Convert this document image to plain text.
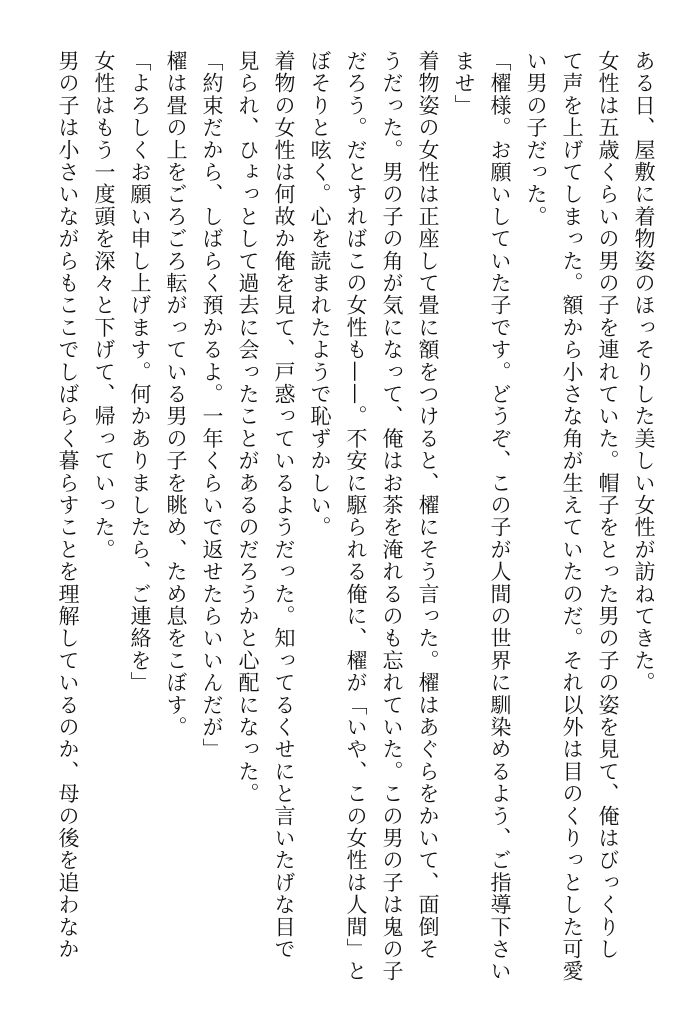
ある日、屋敷に着物姿のほっそりした美しい女性が訪ねてきた。

女性は五歳くらいの男の子を連れていた。帽子をとった男の子の姿を見て、俺はびっくりし

て声を上げてしまった。額から小さな角が生えていたのだ。それ以外は目のくりっとした可愛

い男の子だった。

「櫂様。お願いしていた子です。どうぞ、この子が人間の世界に馴染めるよう、ご指導下さい

ませ」

着物姿の女性は正座して畳に額をつけると、櫂にそう言った。櫂はあぐらをかいて、面倒そ

うだった。男の子の角が気になって、俺はお茶を淹れるのも忘れていた。この男の子は鬼の子

だろう。だとすればこの女性も——。不安に駆られる俺に、櫂が「いや、この女性は人間」と

ぼそりと呟く。心を読まれたようで恥ずかしい。

着物の女性は何故か俺を見て、戸惑っているようだった。知ってるくせにと言いたげな目で

見られ、ひょっとして過去に会ったことがあるのだろうかと心配になった。

「約束だから、しばらく預かるよ。一年くらいで返せたらいいんだが」

櫂は畳の上をごろごろ転がっている男の子を眺め、ため息をこぼす。

「よろしくお願い申し上げます。何かありましたら、ご連絡を」

女性はもう一度頭を深々と下げて、帰っていった。

男の子は小さいながらもここでしばらく暮らすことを理解しているのか、母の後を追わなか
